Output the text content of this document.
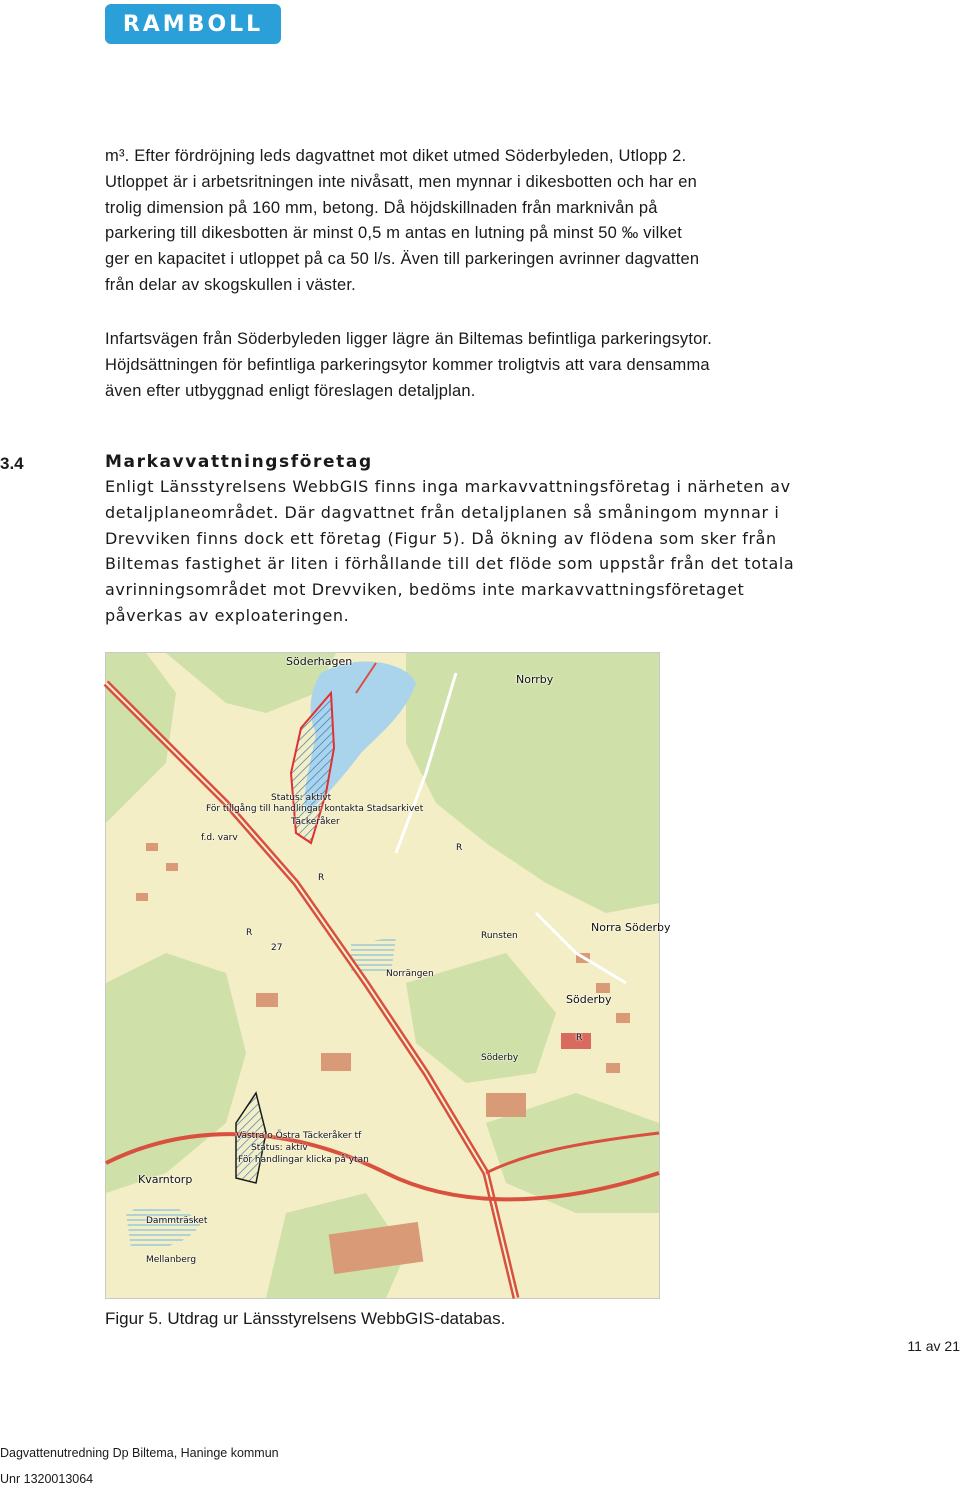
RAMBOLL
m³. Efter fördröjning leds dagvattnet mot diket utmed Söderbyleden, Utlopp 2.
Utloppet är i arbetsritningen inte nivåsatt, men mynnar i dikesbotten och har en
trolig dimension på 160 mm, betong. Då höjdskillnaden från marknivån på
parkering till dikesbotten är minst 0,5 m antas en lutning på minst 50 ‰ vilket
ger en kapacitet i utloppet på ca 50 l/s. Även till parkeringen avrinner dagvatten
från delar av skogskullen i väster.
Infartsvägen från Söderbyleden ligger lägre än Biltemas befintliga parkeringsytor.
Höjdsättningen för befintliga parkeringsytor kommer troligtvis att vara densamma
även efter utbyggnad enligt föreslagen detaljplan.
3.4	Markavvattningsföretag
Enligt Länsstyrelsens WebbGIS finns inga markavvattningsföretag i närheten av
detaljplaneområdet. Där dagvattnet från detaljplanen så småningom mynnar i
Drevviken finns dock ett företag (Figur 5). Då ökning av flödena som sker från
Biltemas fastighet är liten i förhållande till det flöde som uppstår från det totala
avrinningsområdet mot Drevviken, bedöms inte markavvattningsföretaget
påverkas av exploateringen.
Söderhagen
Norrby
Status: aktivt
För tillgång till handlingar kontakta Stadsarkivet
Täckeråker
f.d. varv
R
R
27
R
R
Runsten
Norrängen
Norra Söderby
Söderby
Söderby
Västra o Östra Täckeråker tf
Status: aktiv
För handlingar klicka på ytan
Kvarntorp
Dammträsket
Mellanberg
Figur 5. Utdrag ur Länsstyrelsens WebbGIS-databas.
11 av 21
Dagvattenutredning Dp Biltema, Haninge kommun
Unr 1320013064
